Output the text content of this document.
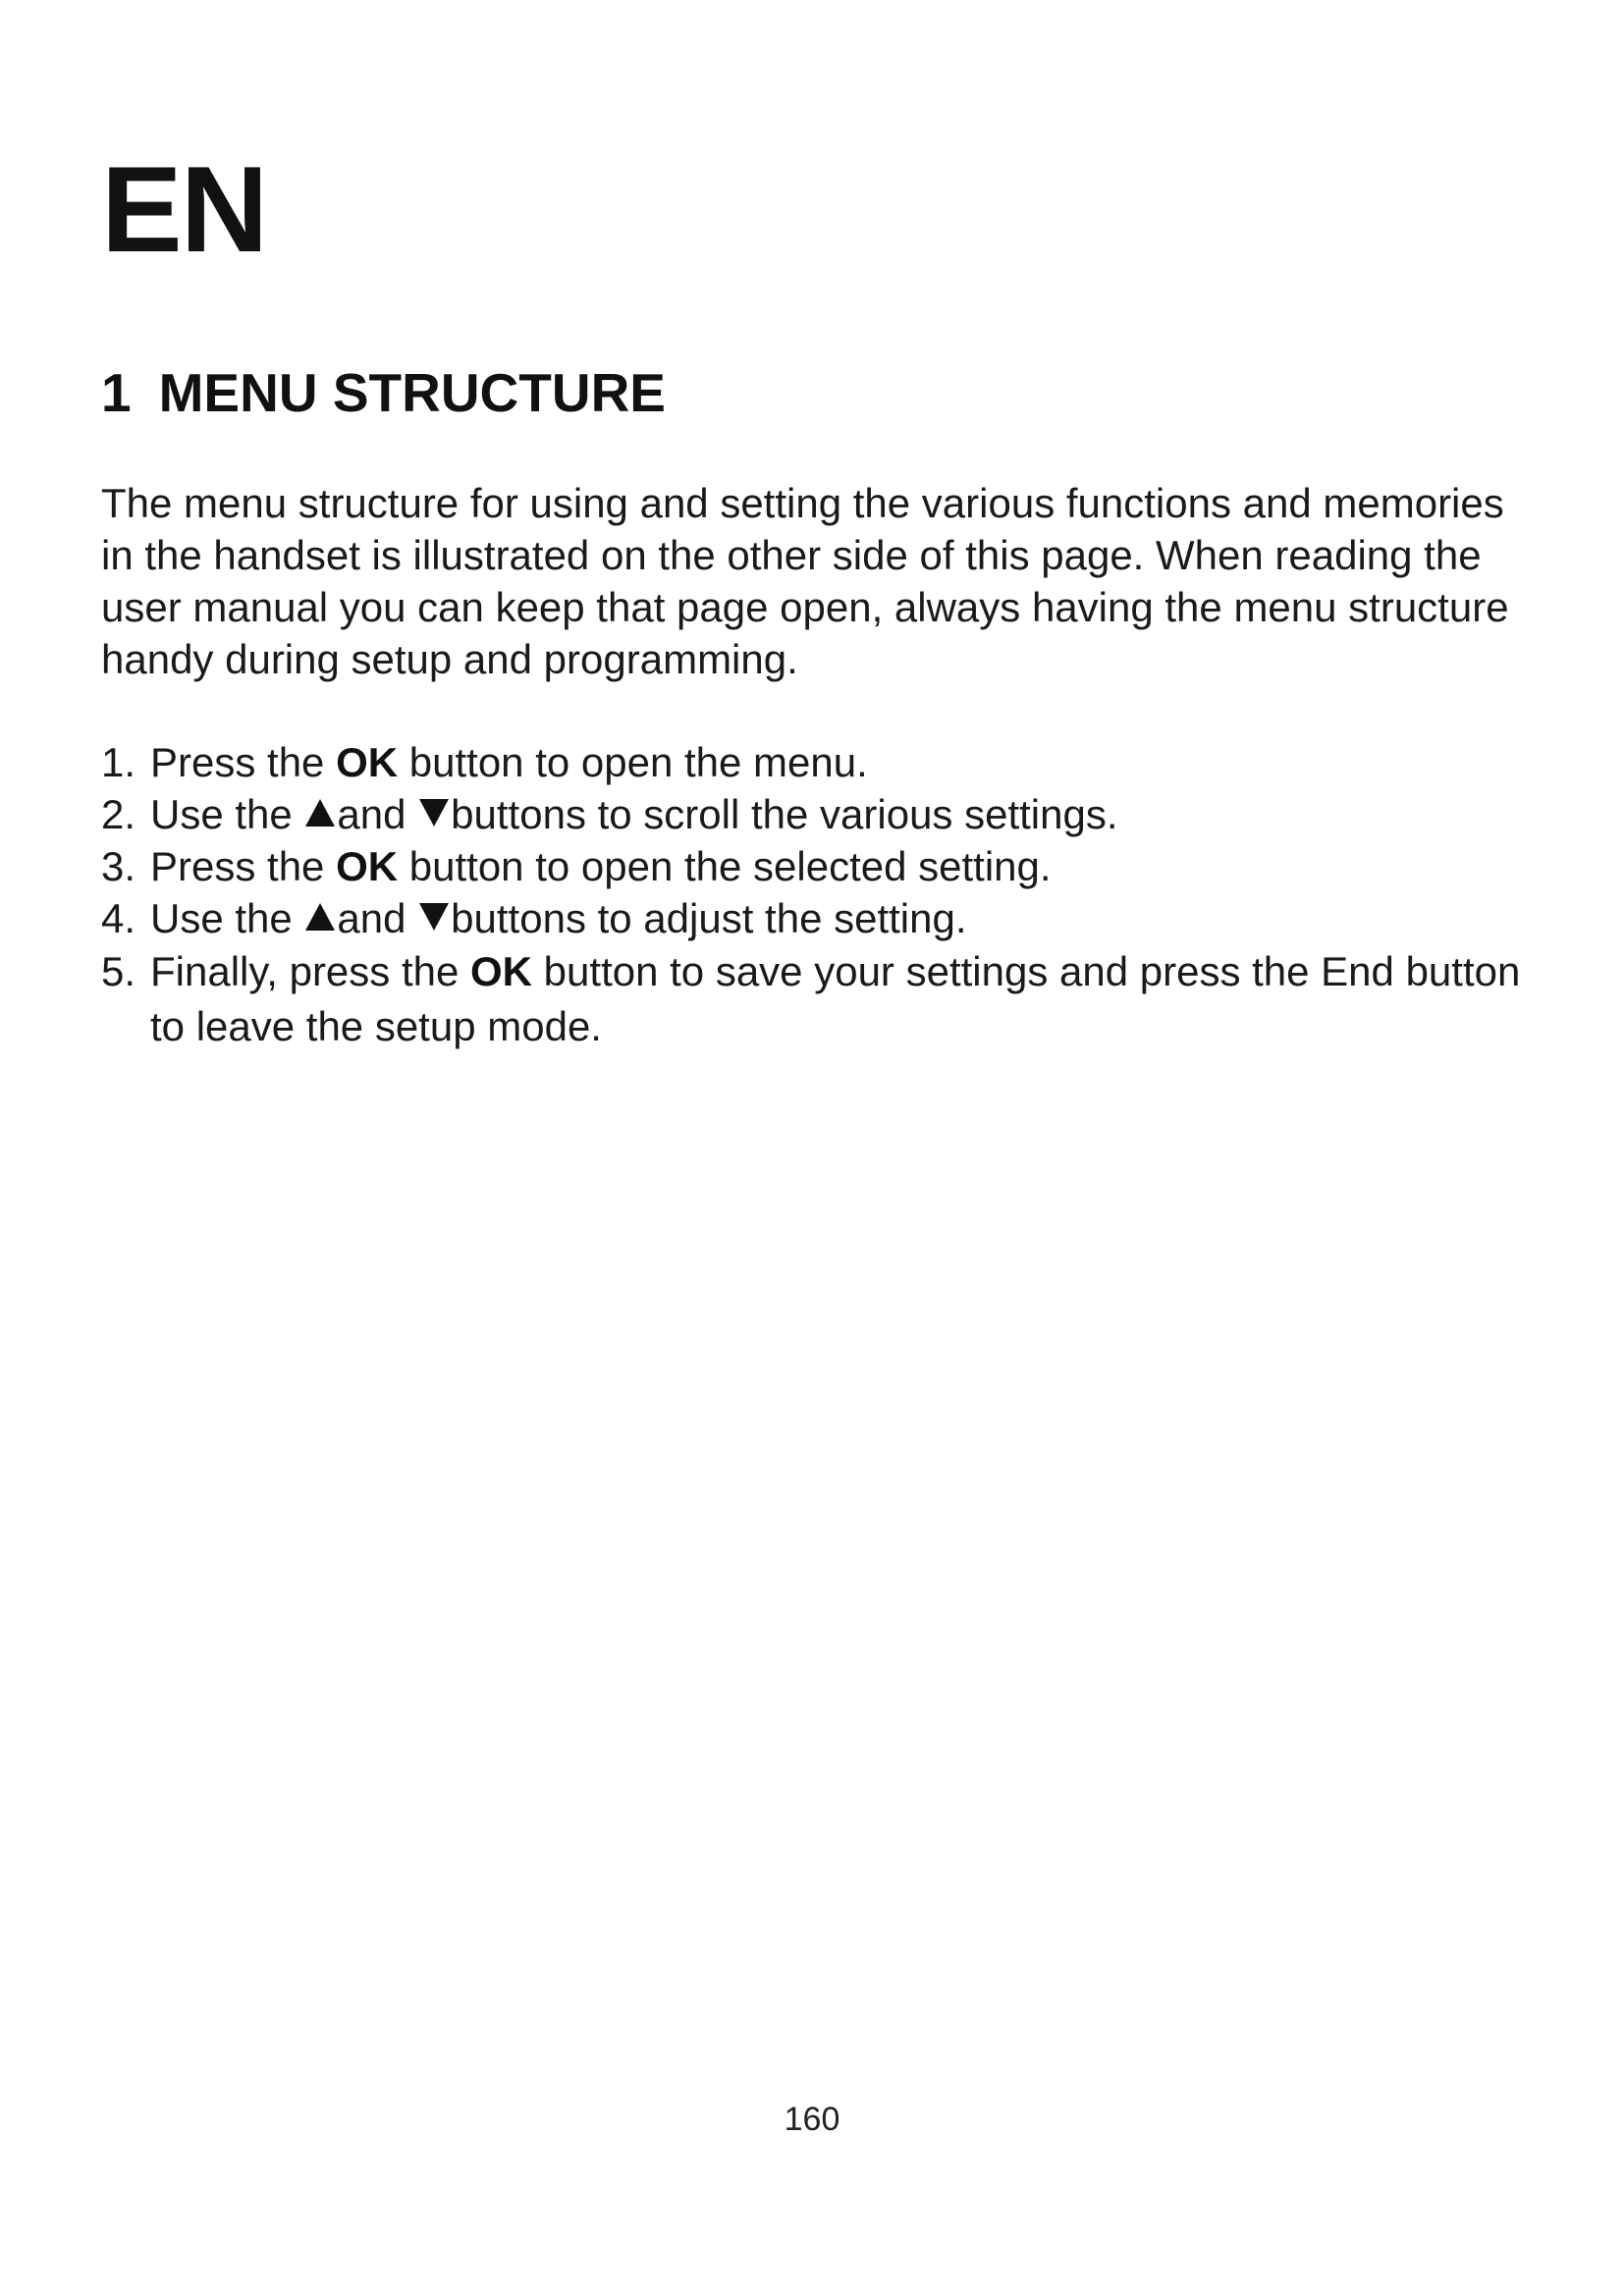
EN
1 MENU STRUCTURE

The menu structure for using and setting the various functions and memories in the handset is illustrated on the other side of this page. When reading the user manual you can keep that page open, always having the menu structure handy during setup and programming.

1. Press the OK button to open the menu.
2. Use the and buttons to scroll the various settings.
3. Press the OK button to open the selected setting.
4. Use the and buttons to adjust the setting.
5. Finally, press the OK button to save your settings and press the End button to leave the setup mode.
160
